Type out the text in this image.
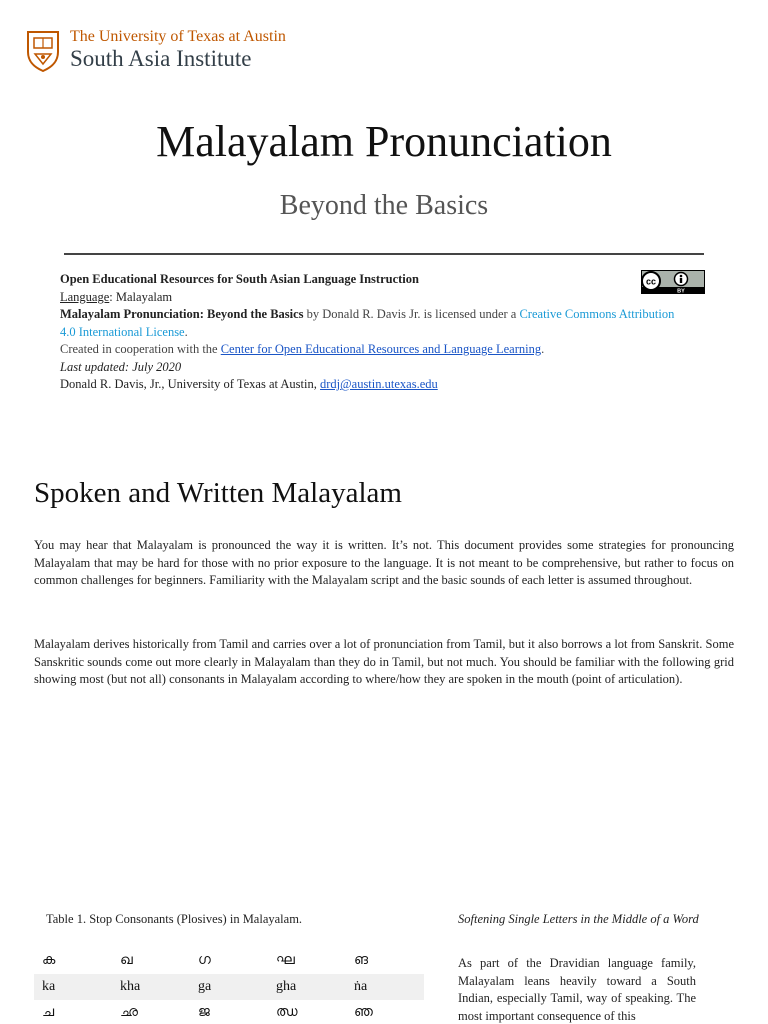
The University of Texas at Austin
South Asia Institute
Malayalam Pronunciation
Beyond the Basics
Open Educational Resources for South Asian Language Instruction
Language: Malayalam
Malayalam Pronunciation: Beyond the Basics by Donald R. Davis Jr. is licensed under a Creative Commons Attribution 4.0 International License.
Created in cooperation with the Center for Open Educational Resources and Language Learning.
Last updated: July 2020
Donald R. Davis, Jr., University of Texas at Austin, drdj@austin.utexas.edu
cc
BY
Spoken and Written Malayalam
You may hear that Malayalam is pronounced the way it is written. It’s not. This document provides some strategies for pronouncing Malayalam that may be hard for those with no prior exposure to the language. It is not meant to be comprehensive, but rather to focus on common challenges for beginners. Familiarity with the Malayalam script and the basic sounds of each letter is assumed throughout.
Malayalam derives historically from Tamil and carries over a lot of pronunciation from Tamil, but it also borrows a lot from Sanskrit. Some Sanskritic sounds come out more clearly in Malayalam than they do in Tamil, but not much. You should be familiar with the following grid showing most (but not all) consonants in Malayalam according to where/how they are spoken in the mouth (point of articulation).
Table 1. Stop Consonants (Plosives) in Malayalam.
ക	ഖ	ഗ	ഘ	ങ
ka	kha	ga	gha	ṅa
ച	ഛ	ജ	ഝ	ഞ
Softening Single Letters in the Middle of a Word
As part of the Dravidian language family, Malayalam leans heavily toward a South Indian, especially Tamil, way of speaking. The most important consequence of this
